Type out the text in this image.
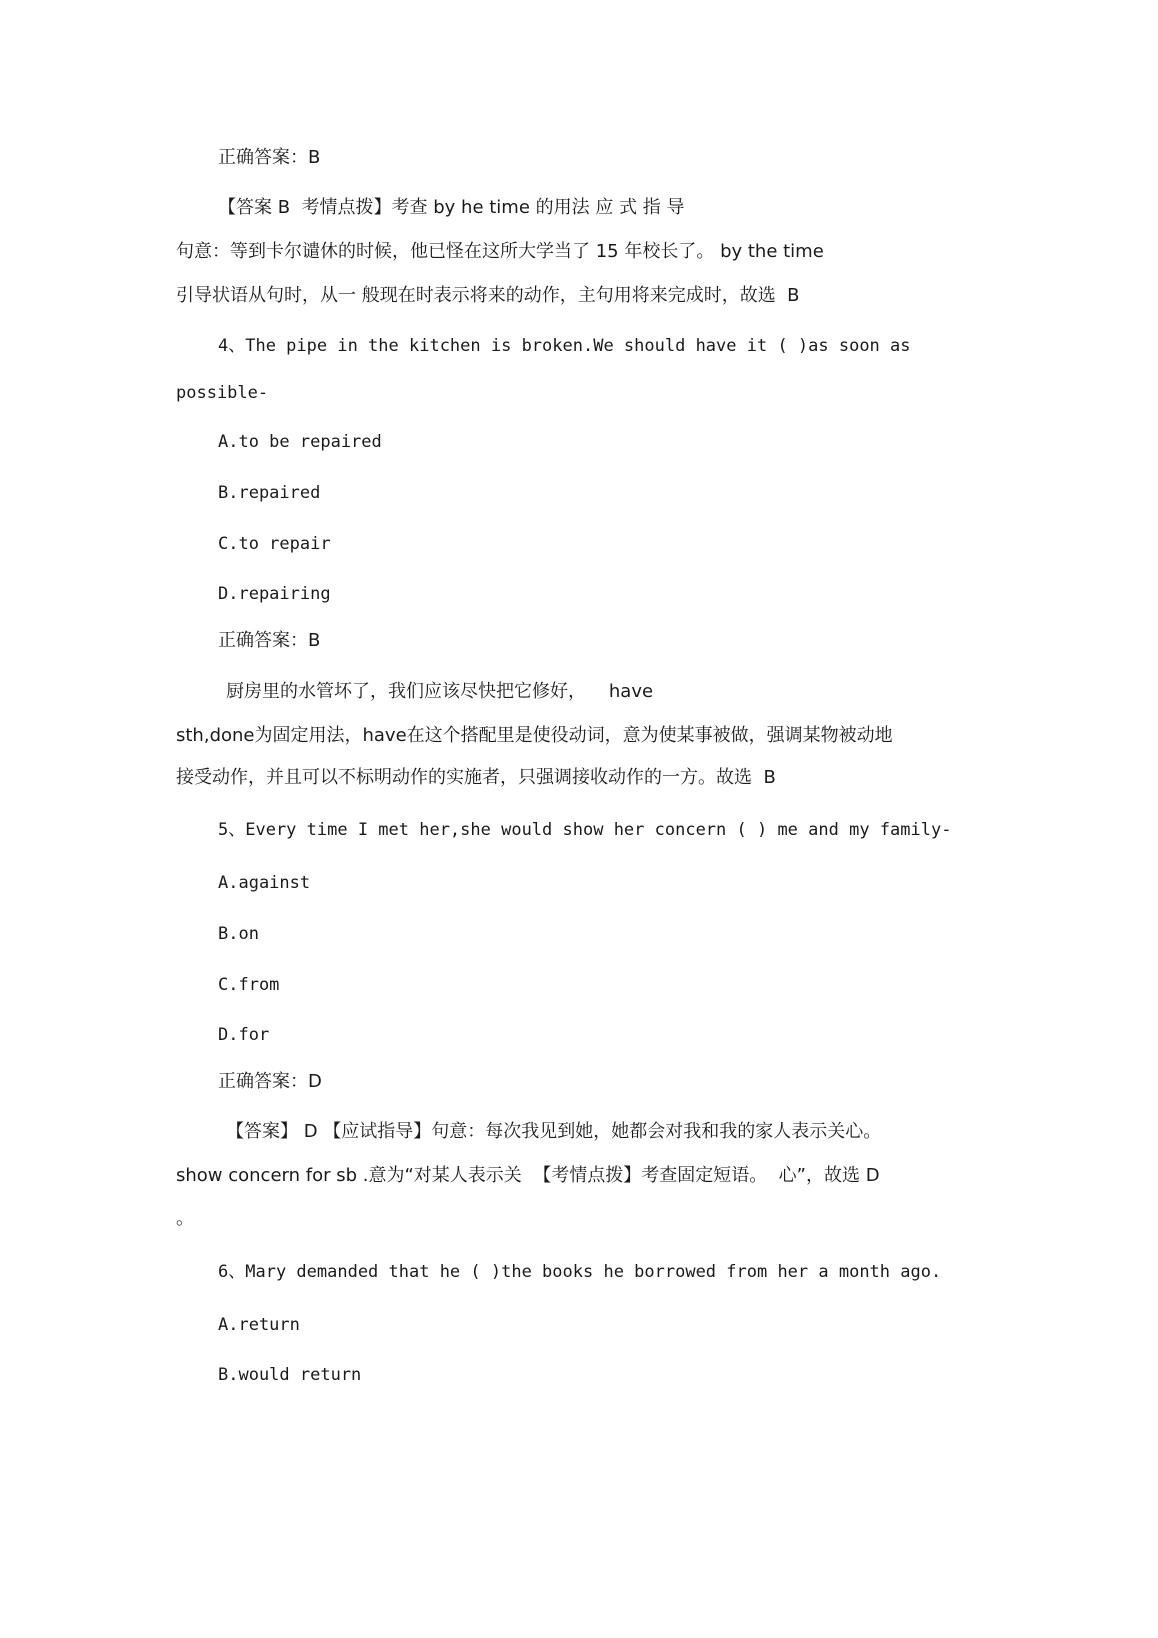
正确答案：B

【答案 B  考情点拨】考查 by he time 的用法 应 式 指 导

句意：等到卡尔谴休的时候，他已怪在这所大学当了 15 年校长了。 by the time

引导状语从句时，从一 般现在时表示将来的动作，主句用将来完成时，故选  B

4、The pipe in the kitchen is broken.We should have it ( )as soon as

possible-

A.to be repaired

B.repaired

C.to repair

D.repairing

正确答案：B

厨房里的水管坏了，我们应该尽快把它修好，    have

sth,done为固定用法，have在这个搭配里是使役动词，意为使某事被做，强调某物被动地

接受动作，并且可以不标明动作的实施者，只强调接收动作的一方。故选  B

5、Every time I met her,she would show her concern ( ) me and my family-

A.against

B.on

C.from

D.for

正确答案：D

【答案】 D 【应试指导】句意：每次我见到她，她都会对我和我的家人表示关心。

show concern for sb .意为“对某人表示关  【考情点拨】考查固定短语。  心”，故选 D

。

6、Mary demanded that he ( )the books he borrowed from her a month ago.

A.return

B.would return
